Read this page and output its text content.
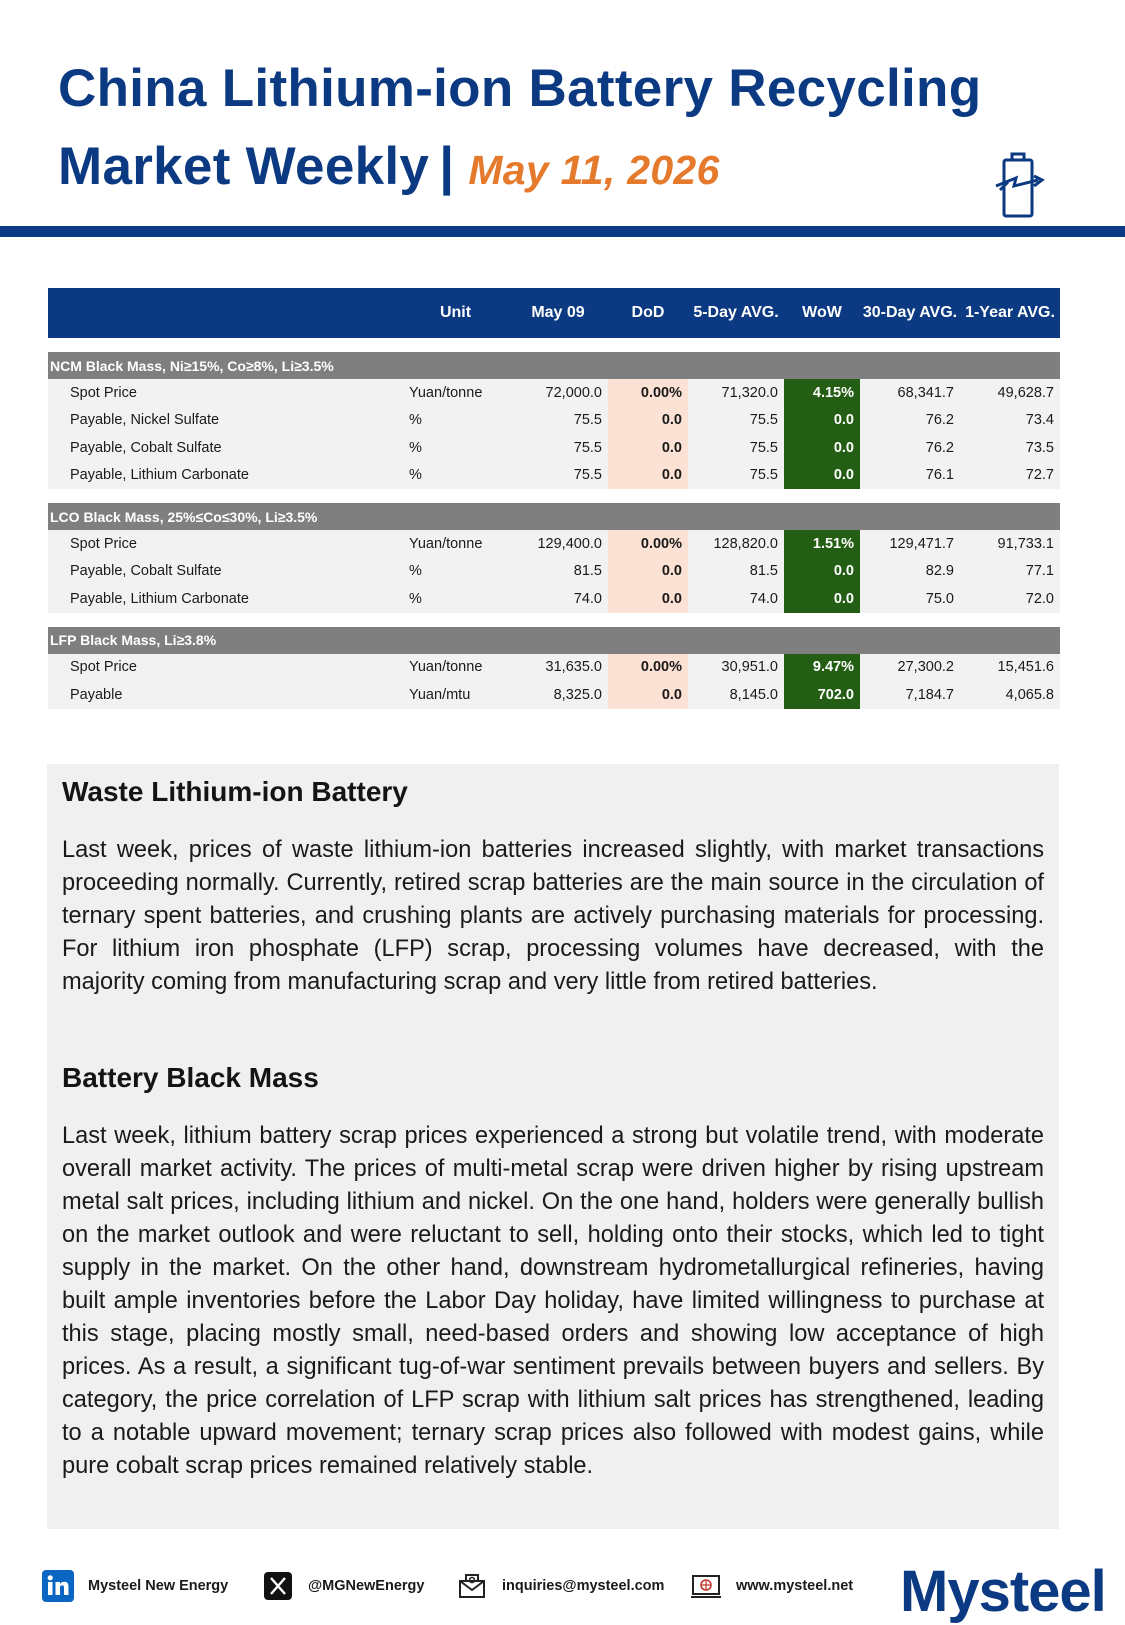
China Lithium-ion Battery Recycling
Market Weekly | May 11, 2026
	Unit	May 09	DoD	5-Day AVG.	WoW	30-Day AVG.	1-Year AVG.

NCM Black Mass, Ni≥15%, Co≥8%, Li≥3.5%							
Spot Price	Yuan/tonne	72,000.0	0.00%	71,320.0	4.15%	68,341.7	49,628.7
Payable, Nickel Sulfate	%	75.5	0.0	75.5	0.0	76.2	73.4
Payable, Cobalt Sulfate	%	75.5	0.0	75.5	0.0	76.2	73.5
Payable, Lithium Carbonate	%	75.5	0.0	75.5	0.0	76.1	72.7

LCO Black Mass, 25%≤Co≤30%, Li≥3.5%							
Spot Price	Yuan/tonne	129,400.0	0.00%	128,820.0	1.51%	129,471.7	91,733.1
Payable, Cobalt Sulfate	%	81.5	0.0	81.5	0.0	82.9	77.1
Payable, Lithium Carbonate	%	74.0	0.0	74.0	0.0	75.0	72.0

LFP Black Mass, Li≥3.8%							
Spot Price	Yuan/tonne	31,635.0	0.00%	30,951.0	9.47%	27,300.2	15,451.6
Payable	Yuan/mtu	8,325.0	0.0	8,145.0	702.0	7,184.7	4,065.8
Waste Lithium-ion Battery

Last week, prices of waste lithium-ion batteries increased slightly, with market transactions proceeding normally. Currently, retired scrap batteries are the main source in the circulation of ternary spent batteries, and crushing plants are actively purchasing materials for processing. For lithium iron phosphate (LFP) scrap, processing volumes have decreased, with the majority coming from manufacturing scrap and very little from retired batteries.

Battery Black Mass

Last week, lithium battery scrap prices experienced a strong but volatile trend, with moderate overall market activity. The prices of multi-metal scrap were driven higher by rising upstream metal salt prices, including lithium and nickel. On the one hand, holders were generally bullish on the market outlook and were reluctant to sell, holding onto their stocks, which led to tight supply in the market. On the other hand, downstream hydrometallurgical refineries, having built ample inventories before the Labor Day holiday, have limited willingness to purchase at this stage, placing mostly small, need-based orders and showing low acceptance of high prices. As a result, a significant tug-of-war sentiment prevails between buyers and sellers. By category, the price correlation of LFP scrap with lithium salt prices has strengthened, leading to a notable upward movement; ternary scrap prices also followed with modest gains, while pure cobalt scrap prices remained relatively stable.

Mysteel New Energy	@MGNewEnergy	inquiries@mysteel.com	www.mysteel.net Mysteel
